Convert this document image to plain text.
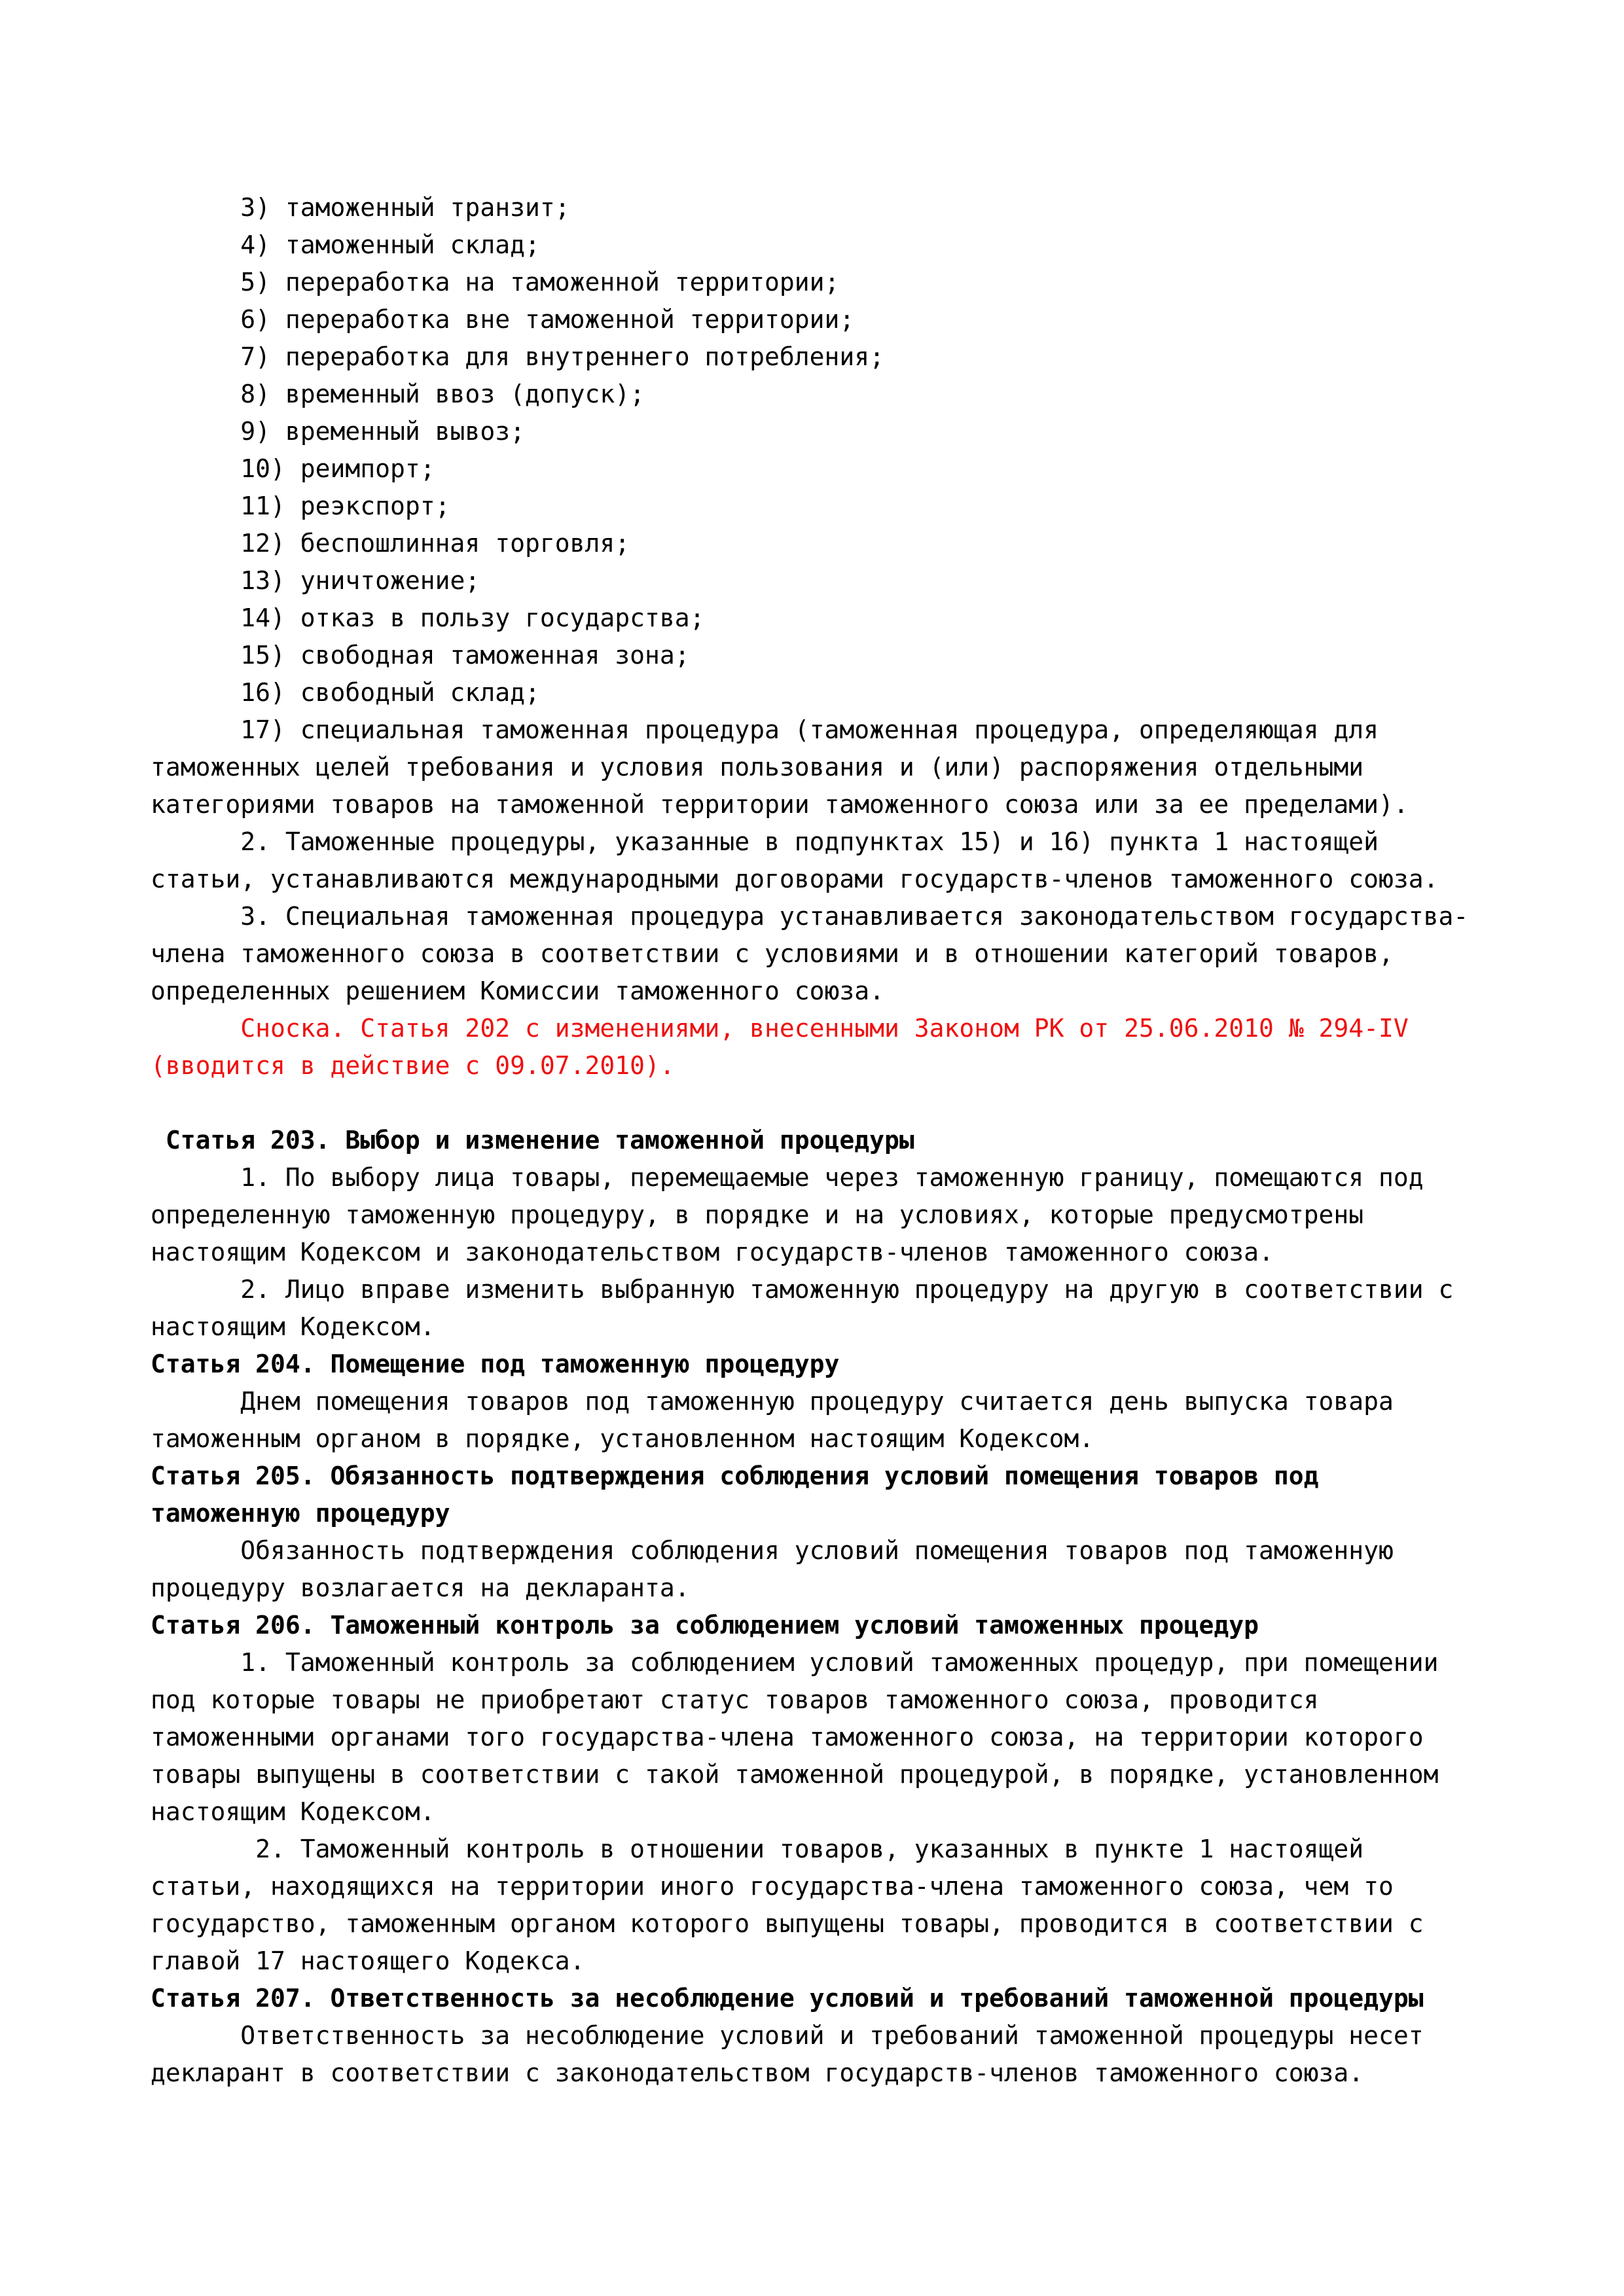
3) таможенный транзит;
4) таможенный склад;
5) переработка на таможенной территории;
6) переработка вне таможенной территории;
7) переработка для внутреннего потребления;
8) временный ввоз (допуск);
9) временный вывоз;
10) реимпорт;
11) реэкспорт;
12) беспошлинная торговля;
13) уничтожение;
14) отказ в пользу государства;
15) свободная таможенная зона;
16) свободный склад;
17) специальная таможенная процедура (таможенная процедура, определяющая для
таможенных целей требования и условия пользования и (или) распоряжения отдельными
категориями товаров на таможенной территории таможенного союза или за ее пределами).
2. Таможенные процедуры, указанные в подпунктах 15) и 16) пункта 1 настоящей
статьи, устанавливаются международными договорами государств-членов таможенного союза.
3. Специальная таможенная процедура устанавливается законодательством государства-
члена таможенного союза в соответствии с условиями и в отношении категорий товаров,
определенных решением Комиссии таможенного союза.
Сноска. Статья 202 с изменениями, внесенными Законом РК от 25.06.2010 № 294-IV
(вводится в действие с 09.07.2010).
Статья 203. Выбор и изменение таможенной процедуры
1. По выбору лица товары, перемещаемые через таможенную границу, помещаются под
определенную таможенную процедуру, в порядке и на условиях, которые предусмотрены
настоящим Кодексом и законодательством государств-членов таможенного союза.
2. Лицо вправе изменить выбранную таможенную процедуру на другую в соответствии с
настоящим Кодексом.
Статья 204. Помещение под таможенную процедуру
Днем помещения товаров под таможенную процедуру считается день выпуска товара
таможенным органом в порядке, установленном настоящим Кодексом.
Статья 205. Обязанность подтверждения соблюдения условий помещения товаров под
таможенную процедуру
Обязанность подтверждения соблюдения условий помещения товаров под таможенную
процедуру возлагается на декларанта.
Статья 206. Таможенный контроль за соблюдением условий таможенных процедур
1. Таможенный контроль за соблюдением условий таможенных процедур, при помещении
под которые товары не приобретают статус товаров таможенного союза, проводится
таможенными органами того государства-члена таможенного союза, на территории которого
товары выпущены в соответствии с такой таможенной процедурой, в порядке, установленном
настоящим Кодексом.
2. Таможенный контроль в отношении товаров, указанных в пункте 1 настоящей
статьи, находящихся на территории иного государства-члена таможенного союза, чем то
государство, таможенным органом которого выпущены товары, проводится в соответствии с
главой 17 настоящего Кодекса.
Статья 207. Ответственность за несоблюдение условий и требований таможенной процедуры
Ответственность за несоблюдение условий и требований таможенной процедуры несет
декларант в соответствии с законодательством государств-членов таможенного союза.
